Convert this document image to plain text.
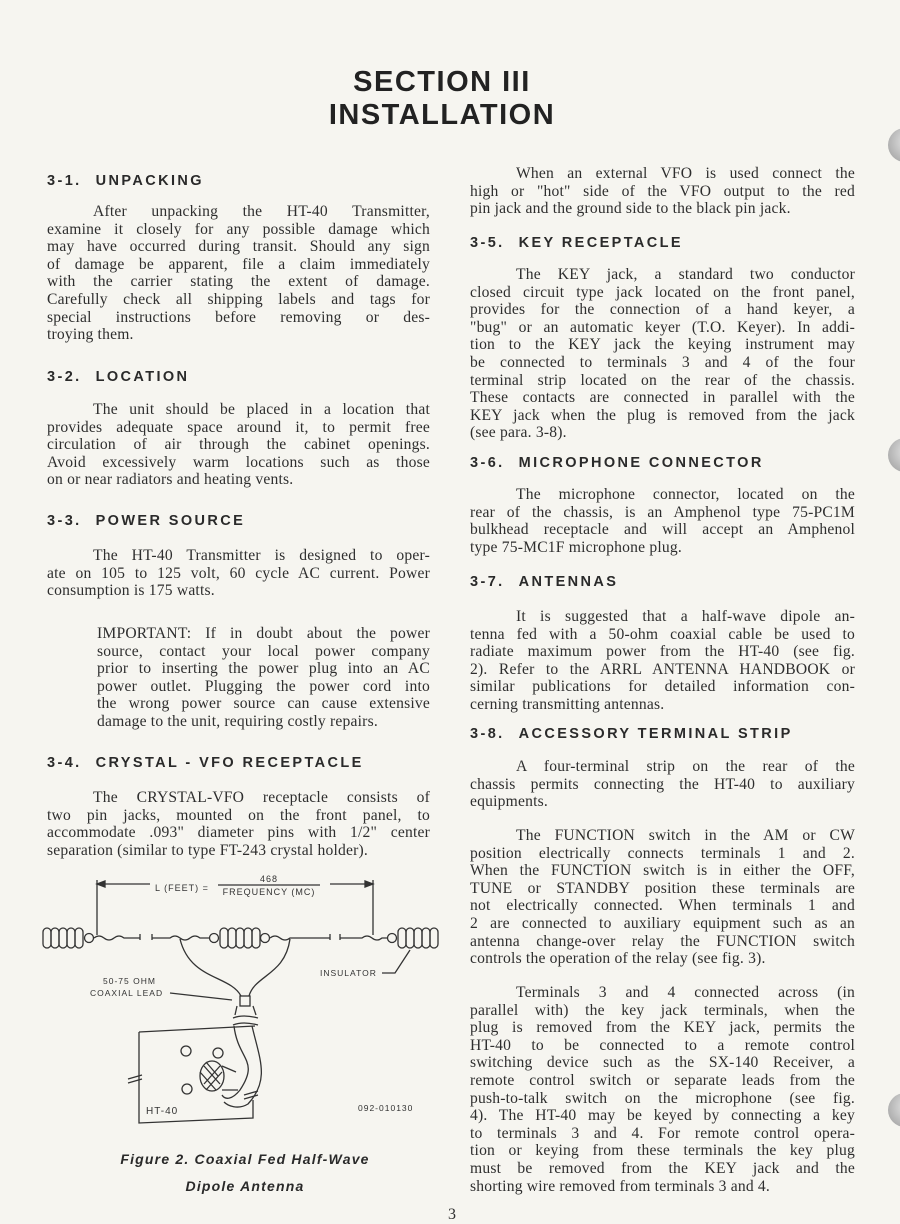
SECTION III
INSTALLATION
3-1. UNPACKING
After unpacking the HT-40 Transmitter,
examine it closely for any possible damage which
may have occurred during transit. Should any sign
of damage be apparent, file a claim immediately
with the carrier stating the extent of damage.
Carefully check all shipping labels and tags for
special instructions before removing or des-
troying them.
3-2. LOCATION
The unit should be placed in a location that
provides adequate space around it, to permit free
circulation of air through the cabinet openings.
Avoid excessively warm locations such as those
on or near radiators and heating vents.
3-3. POWER SOURCE
The HT-40 Transmitter is designed to oper-
ate on 105 to 125 volt, 60 cycle AC current. Power
consumption is 175 watts.
IMPORTANT: If in doubt about the power
source, contact your local power company
prior to inserting the power plug into an AC
power outlet. Plugging the power cord into
the wrong power source can cause extensive
damage to the unit, requiring costly repairs.
3-4. CRYSTAL - VFO RECEPTACLE
The CRYSTAL-VFO receptacle consists of
two pin jacks, mounted on the front panel, to
accommodate .093" diameter pins with 1/2" center
separation (similar to type FT-243 crystal holder).
When an external VFO is used connect the
high or "hot" side of the VFO output to the red
pin jack and the ground side to the black pin jack.
3-5. KEY RECEPTACLE
The KEY jack, a standard two conductor
closed circuit type jack located on the front panel,
provides for the connection of a hand keyer, a
"bug" or an automatic keyer (T.O. Keyer). In addi-
tion to the KEY jack the keying instrument may
be connected to terminals 3 and 4 of the four
terminal strip located on the rear of the chassis.
These contacts are connected in parallel with the
KEY jack when the plug is removed from the jack
(see para. 3-8).
3-6. MICROPHONE CONNECTOR
The microphone connector, located on the
rear of the chassis, is an Amphenol type 75-PC1M
bulkhead receptacle and will accept an Amphenol
type 75-MC1F microphone plug.
3-7. ANTENNAS
It is suggested that a half-wave dipole an-
tenna fed with a 50-ohm coaxial cable be used to
radiate maximum power from the HT-40 (see fig.
2). Refer to the ARRL ANTENNA HANDBOOK or
similar publications for detailed information con-
cerning transmitting antennas.
3-8. ACCESSORY TERMINAL STRIP
A four-terminal strip on the rear of the
chassis permits connecting the HT-40 to auxiliary
equipments.
The FUNCTION switch in the AM or CW
position electrically connects terminals 1 and 2.
When the FUNCTION switch is in either the OFF,
TUNE or STANDBY position these terminals are
not electrically connected. When terminals 1 and
2 are connected to auxiliary equipment such as an
antenna change-over relay the FUNCTION switch
controls the operation of the relay (see fig. 3).
Terminals 3 and 4 connected across (in
parallel with) the key jack terminals, when the
plug is removed from the KEY jack, permits the
HT-40 to be connected to a remote control
switching device such as the SX-140 Receiver, a
remote control switch or separate leads from the
push-to-talk switch on the microphone (see fig.
4). The HT-40 may be keyed by connecting a key
to terminals 3 and 4. For remote control opera-
tion or keying from these terminals the key plug
must be removed from the KEY jack and the
shorting wire removed from terminals 3 and 4.
L (FEET) =
468
FREQUENCY (MC)
50-75 OHM
COAXIAL LEAD
INSULATOR
HT-40	092-010130
Figure 2. Coaxial Fed Half-Wave
Dipole Antenna
3
